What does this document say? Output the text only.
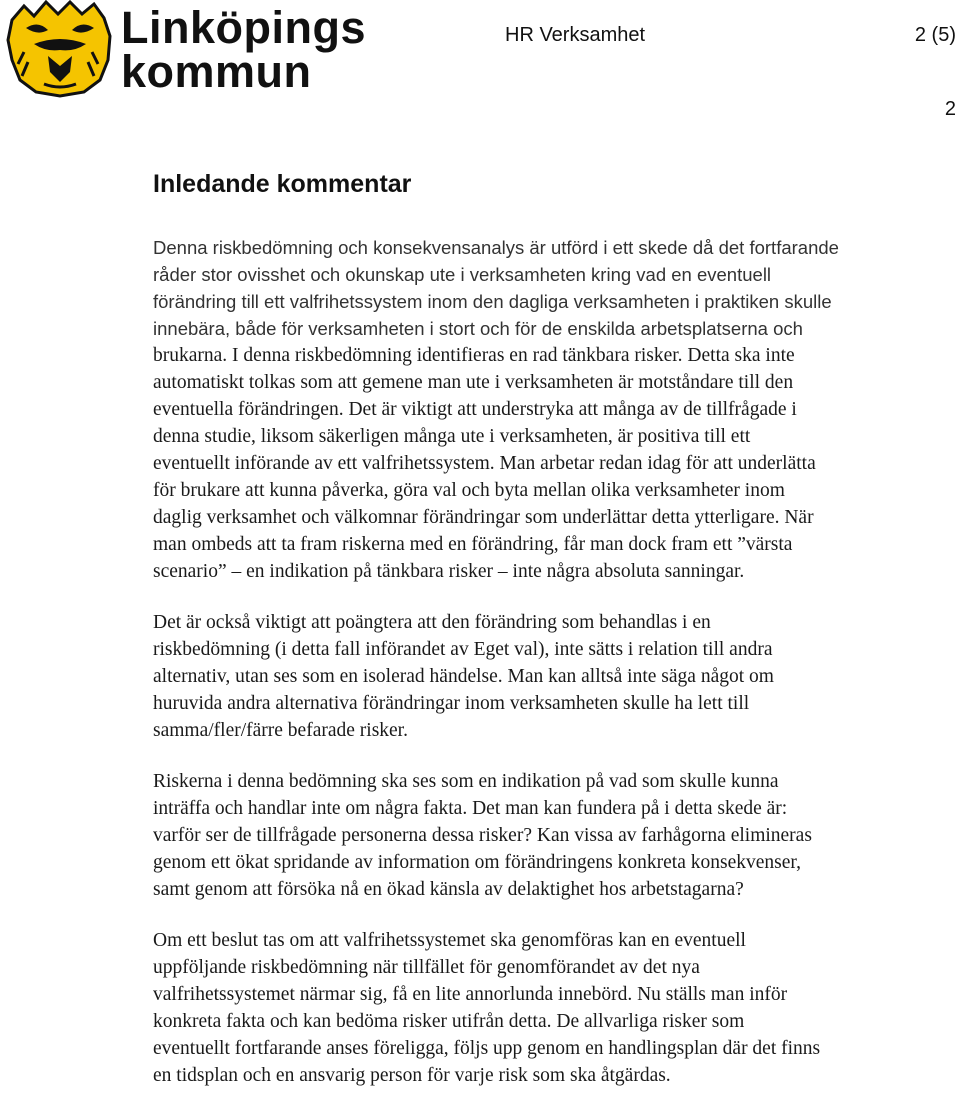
Linköpings
kommun
HR Verksamhet	2 (5)
2
Inledande kommentar

Denna riskbedömning och konsekvensanalys är utförd i ett skede då det fortfarande
råder stor ovisshet och okunskap ute i verksamheten kring vad en eventuell
förändring till ett valfrihetssystem inom den dagliga verksamheten i praktiken skulle
innebära, både för verksamheten i stort och för de enskilda arbetsplatserna och
brukarna. I denna riskbedömning identifieras en rad tänkbara risker. Detta ska inte
automatiskt tolkas som att gemene man ute i verksamheten är motståndare till den
eventuella förändringen. Det är viktigt att understryka att många av de tillfrågade i
denna studie, liksom säkerligen många ute i verksamheten, är positiva till ett
eventuellt införande av ett valfrihetssystem. Man arbetar redan idag för att underlätta
för brukare att kunna påverka, göra val och byta mellan olika verksamheter inom
daglig verksamhet och välkomnar förändringar som underlättar detta ytterligare. När
man ombeds att ta fram riskerna med en förändring, får man dock fram ett ”värsta
scenario” – en indikation på tänkbara risker – inte några absoluta sanningar.

Det är också viktigt att poängtera att den förändring som behandlas i en
riskbedömning (i detta fall införandet av Eget val), inte sätts i relation till andra
alternativ, utan ses som en isolerad händelse. Man kan alltså inte säga något om
huruvida andra alternativa förändringar inom verksamheten skulle ha lett till
samma/fler/färre befarade risker.

Riskerna i denna bedömning ska ses som en indikation på vad som skulle kunna
inträffa och handlar inte om några fakta. Det man kan fundera på i detta skede är:
varför ser de tillfrågade personerna dessa risker? Kan vissa av farhågorna elimineras
genom ett ökat spridande av information om förändringens konkreta konsekvenser,
samt genom att försöka nå en ökad känsla av delaktighet hos arbetstagarna?

Om ett beslut tas om att valfrihetssystemet ska genomföras kan en eventuell
uppföljande riskbedömning när tillfället för genomförandet av det nya
valfrihetssystemet närmar sig, få en lite annorlunda innebörd. Nu ställs man inför
konkreta fakta och kan bedöma risker utifrån detta. De allvarliga risker som
eventuellt fortfarande anses föreligga, följs upp genom en handlingsplan där det finns
en tidsplan och en ansvarig person för varje risk som ska åtgärdas.
